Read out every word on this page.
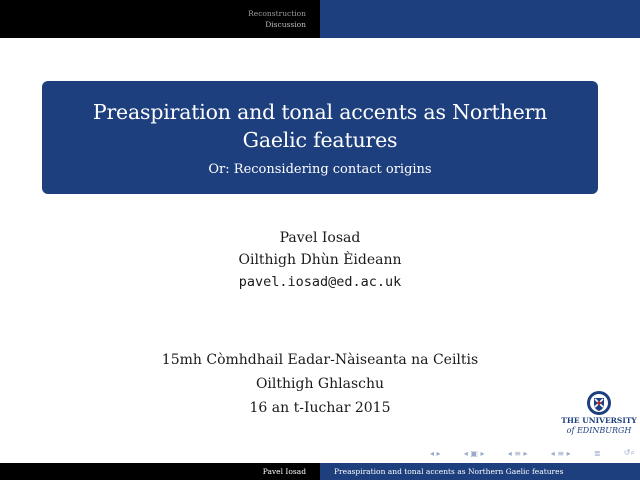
Reconstruction
Discussion
Preaspiration and tonal accents as Northern Gaelic features
Or: Reconsidering contact origins
Pavel Iosad
Oilthigh Dhùn Èideann
pavel.iosad@ed.ac.uk
15mh Còmhdhail Eadar-Nàiseanta na Ceiltis
Oilthigh Ghlaschu
16 an t-Iuchar 2015
THE UNIVERSITY
of EDINBURGH
◂ ▸	◂ ▣ ▸	◂ ≡ ▸	◂ ≡ ▸	≣	↺⌕
Pavel Iosad	Preaspiration and tonal accents as Northern Gaelic features
